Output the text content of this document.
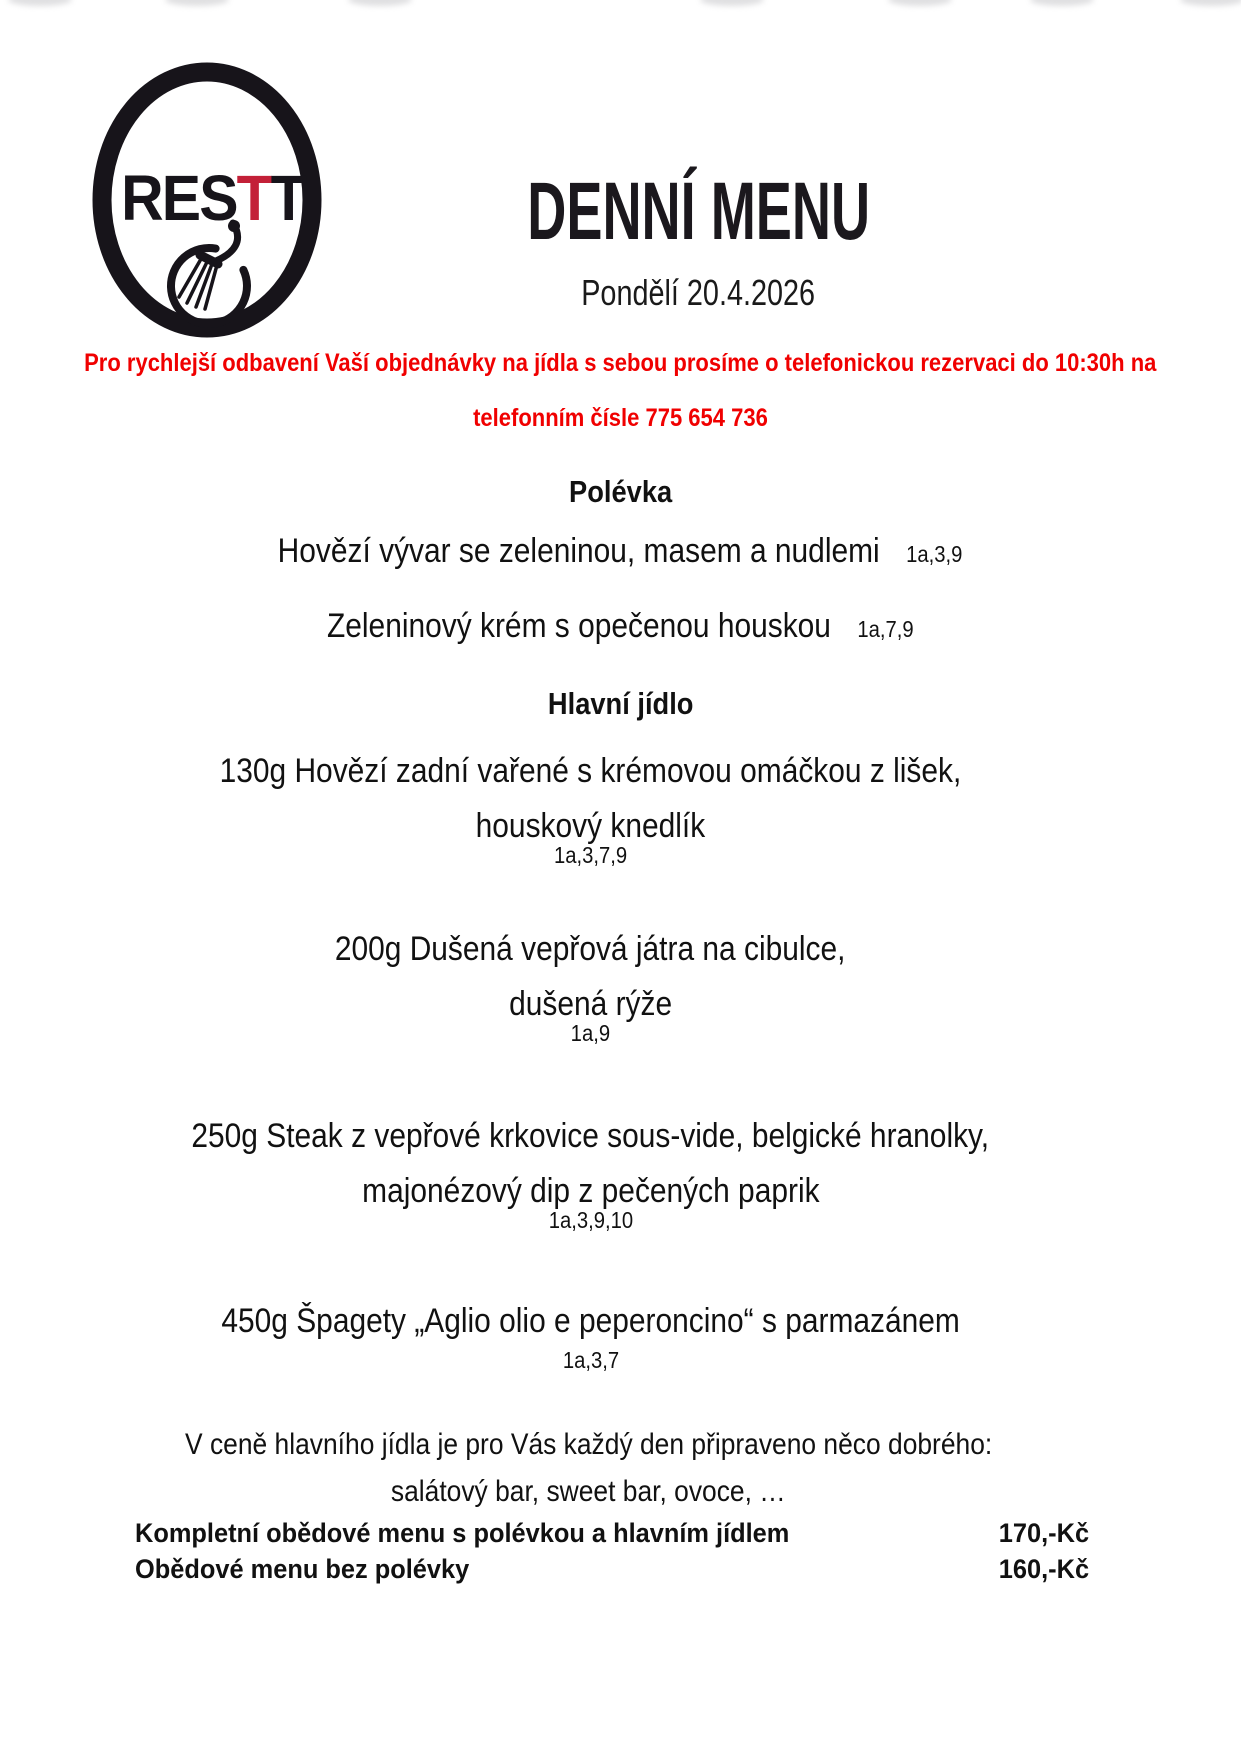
RESTT	DENNÍ MENU
Pondělí 20.4.2026
Pro rychlejší odbavení Vaší objednávky na jídla s sebou prosíme o telefonickou rezervaci do 10:30h na
telefonním čísle 775 654 736
Polévka
Hovězí vývar se zeleninou, masem a nudlemi 1a,3,9
Zeleninový krém s opečenou houskou 1a,7,9
Hlavní jídlo
130g Hovězí zadní vařené s krémovou omáčkou z lišek,
houskový knedlík
1a,3,7,9
200g Dušená vepřová játra na cibulce,
dušená rýže
1a,9
250g Steak z vepřové krkovice sous-vide, belgické hranolky,
majonézový dip z pečených paprik
1a,3,9,10
450g Špagety „Aglio olio e peperoncino“ s parmazánem
1a,3,7
V ceně hlavního jídla je pro Vás každý den připraveno něco dobrého:
salátový bar, sweet bar, ovoce, …
Kompletní obědové menu s polévkou a hlavním jídlem	170,-Kč
Obědové menu bez polévky	160,-Kč
